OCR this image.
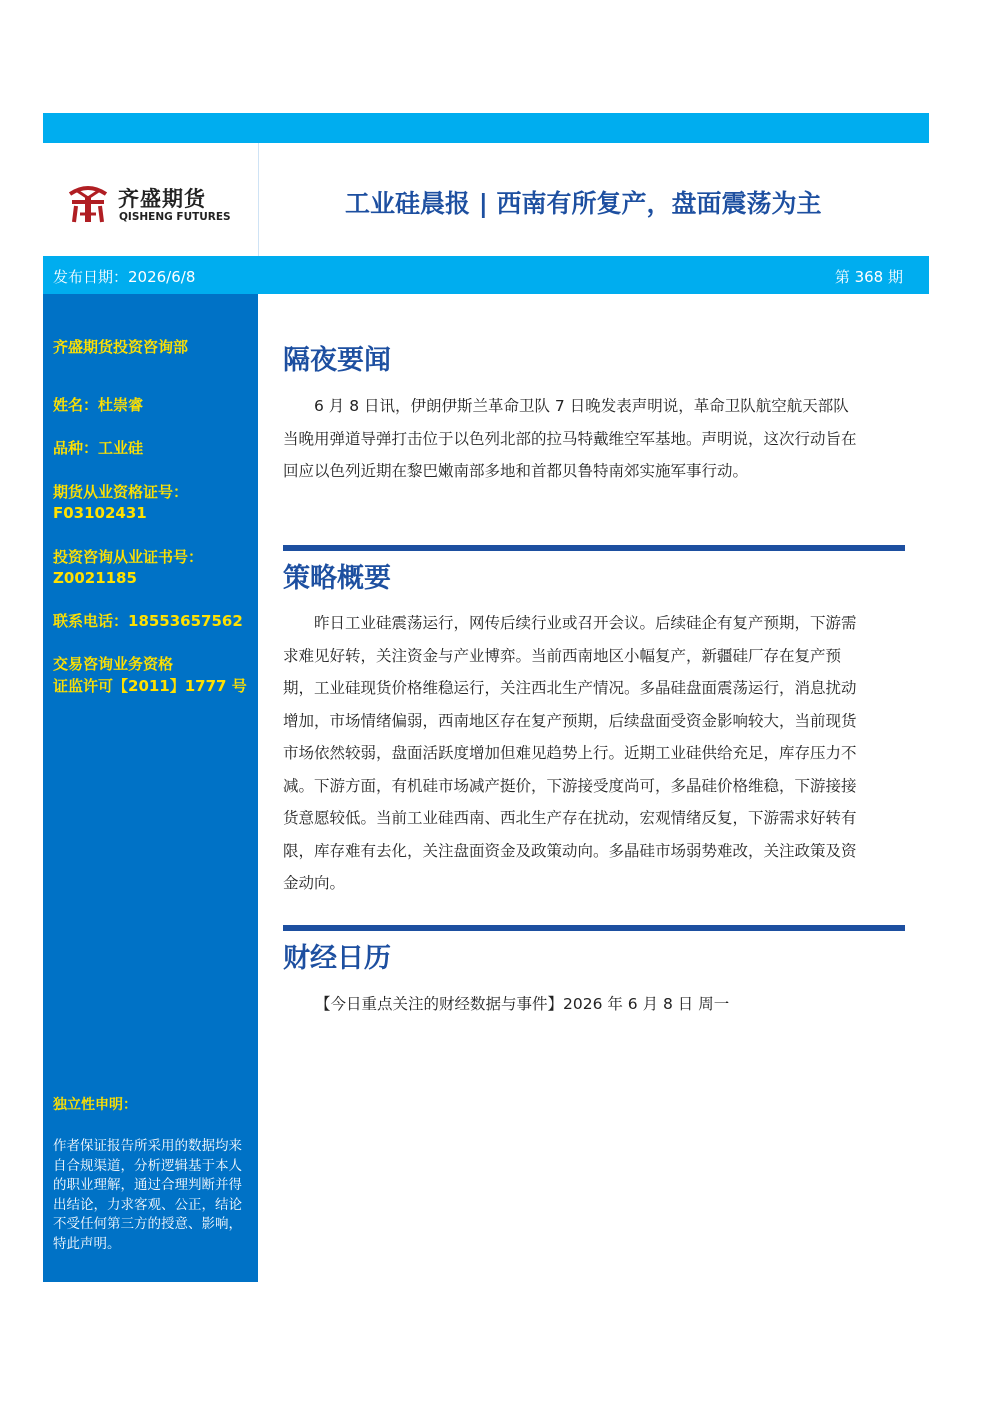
齐盛期货
QISHENG FUTURES	工业硅晨报 | 西南有所复产，盘面震荡为主
发布日期：2026/6/8	第 368 期
齐盛期货投资咨询部
姓名：杜崇睿
品种：工业硅
期货从业资格证号：
F03102431
投资咨询从业证书号：
Z0021185
联系电话：18553657562
交易咨询业务资格
证监许可【2011】1777 号
独立性申明：
作者保证报告所采用的数据均来自合规渠道，分析逻辑基于本人的职业理解，通过合理判断并得出结论，力求客观、公正，结论不受任何第三方的授意、影响，特此声明。
隔夜要闻
6 月 8 日讯，伊朗伊斯兰革命卫队 7 日晚发表声明说，革命卫队航空航天部队当晚用弹道导弹打击位于以色列北部的拉马特戴维空军基地。声明说，这次行动旨在回应以色列近期在黎巴嫩南部多地和首都贝鲁特南郊实施军事行动。
策略概要
昨日工业硅震荡运行，网传后续行业或召开会议。后续硅企有复产预期，下游需求难见好转，关注资金与产业博弈。当前西南地区小幅复产，新疆硅厂存在复产预期，工业硅现货价格维稳运行，关注西北生产情况。多晶硅盘面震荡运行，消息扰动增加，市场情绪偏弱，西南地区存在复产预期，后续盘面受资金影响较大，当前现货市场依然较弱，盘面活跃度增加但难见趋势上行。近期工业硅供给充足，库存压力不减。下游方面，有机硅市场减产挺价，下游接受度尚可，多晶硅价格维稳，下游接接货意愿较低。当前工业硅西南、西北生产存在扰动，宏观情绪反复，下游需求好转有限，库存难有去化，关注盘面资金及政策动向。多晶硅市场弱势难改，关注政策及资金动向。
财经日历
【今日重点关注的财经数据与事件】2026 年 6 月 8 日 周一
